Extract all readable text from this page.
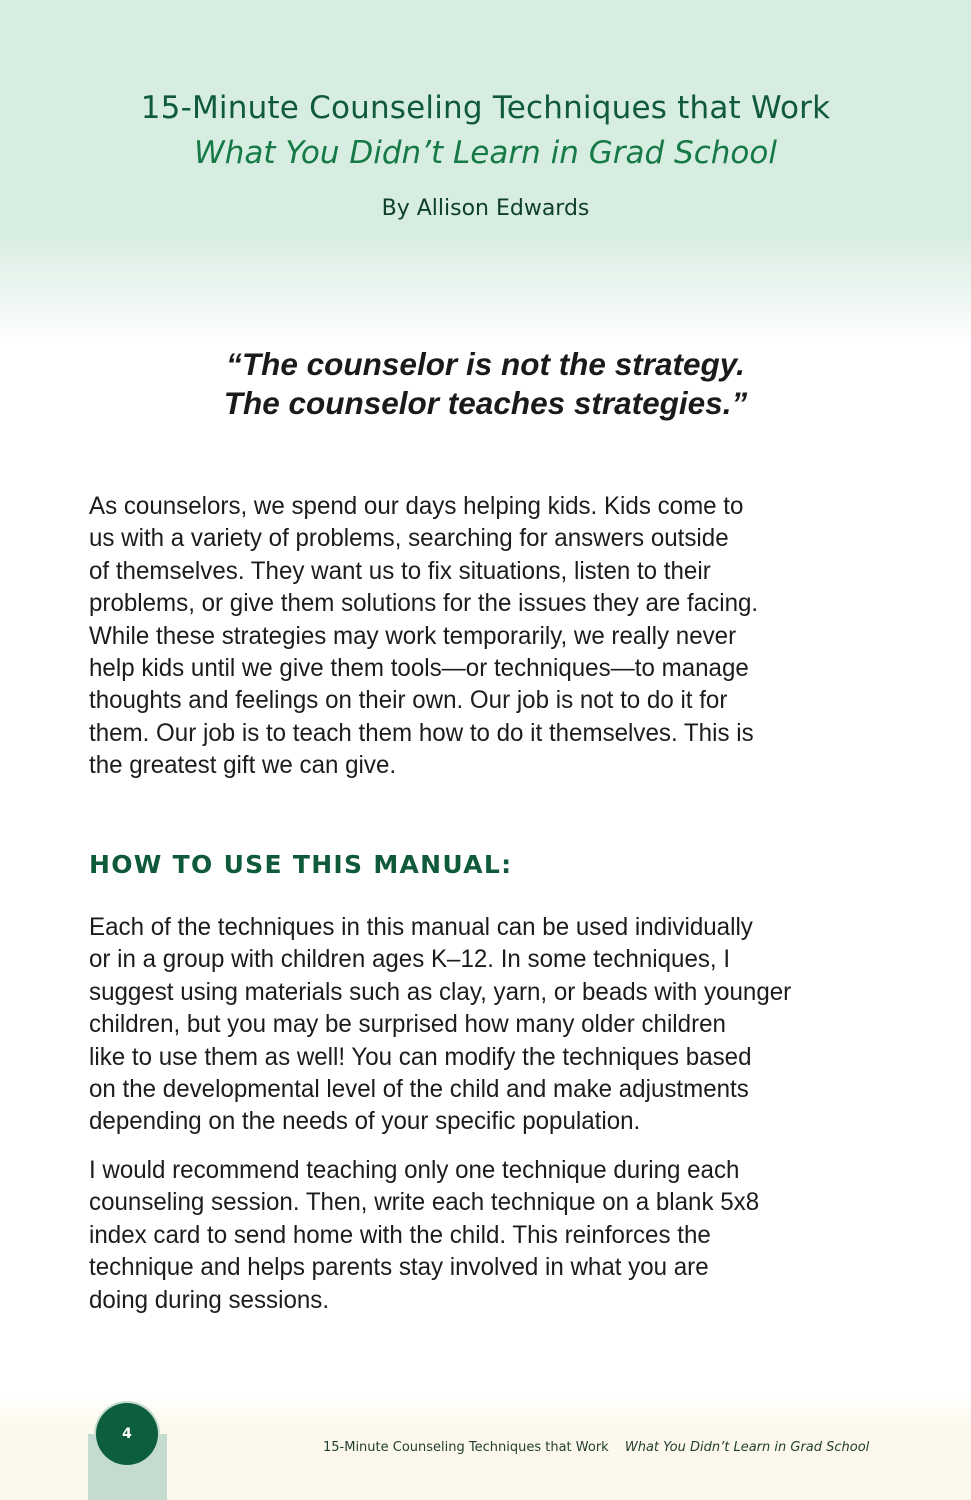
15-Minute Counseling Techniques that Work
What You Didn’t Learn in Grad School
By Allison Edwards
“The counselor is not the strategy.
The counselor teaches strategies.”
As counselors, we spend our days helping kids. Kids come to
us with a variety of problems, searching for answers outside
of themselves. They want us to fix situations, listen to their
problems, or give them solutions for the issues they are facing.
While these strategies may work temporarily, we really never
help kids until we give them tools—or techniques—to manage
thoughts and feelings on their own. Our job is not to do it for
them. Our job is to teach them how to do it themselves. This is
the greatest gift we can give.
HOW TO USE THIS MANUAL:
Each of the techniques in this manual can be used individually
or in a group with children ages K–12. In some techniques, I
suggest using materials such as clay, yarn, or beads with younger
children, but you may be surprised how many older children
like to use them as well! You can modify the techniques based
on the developmental level of the child and make adjustments
depending on the needs of your specific population.
I would recommend teaching only one technique during each
counseling session. Then, write each technique on a blank 5x8
index card to send home with the child. This reinforces the
technique and helps parents stay involved in what you are
doing during sessions.
4
15-Minute Counseling Techniques that Work What You Didn’t Learn in Grad School
